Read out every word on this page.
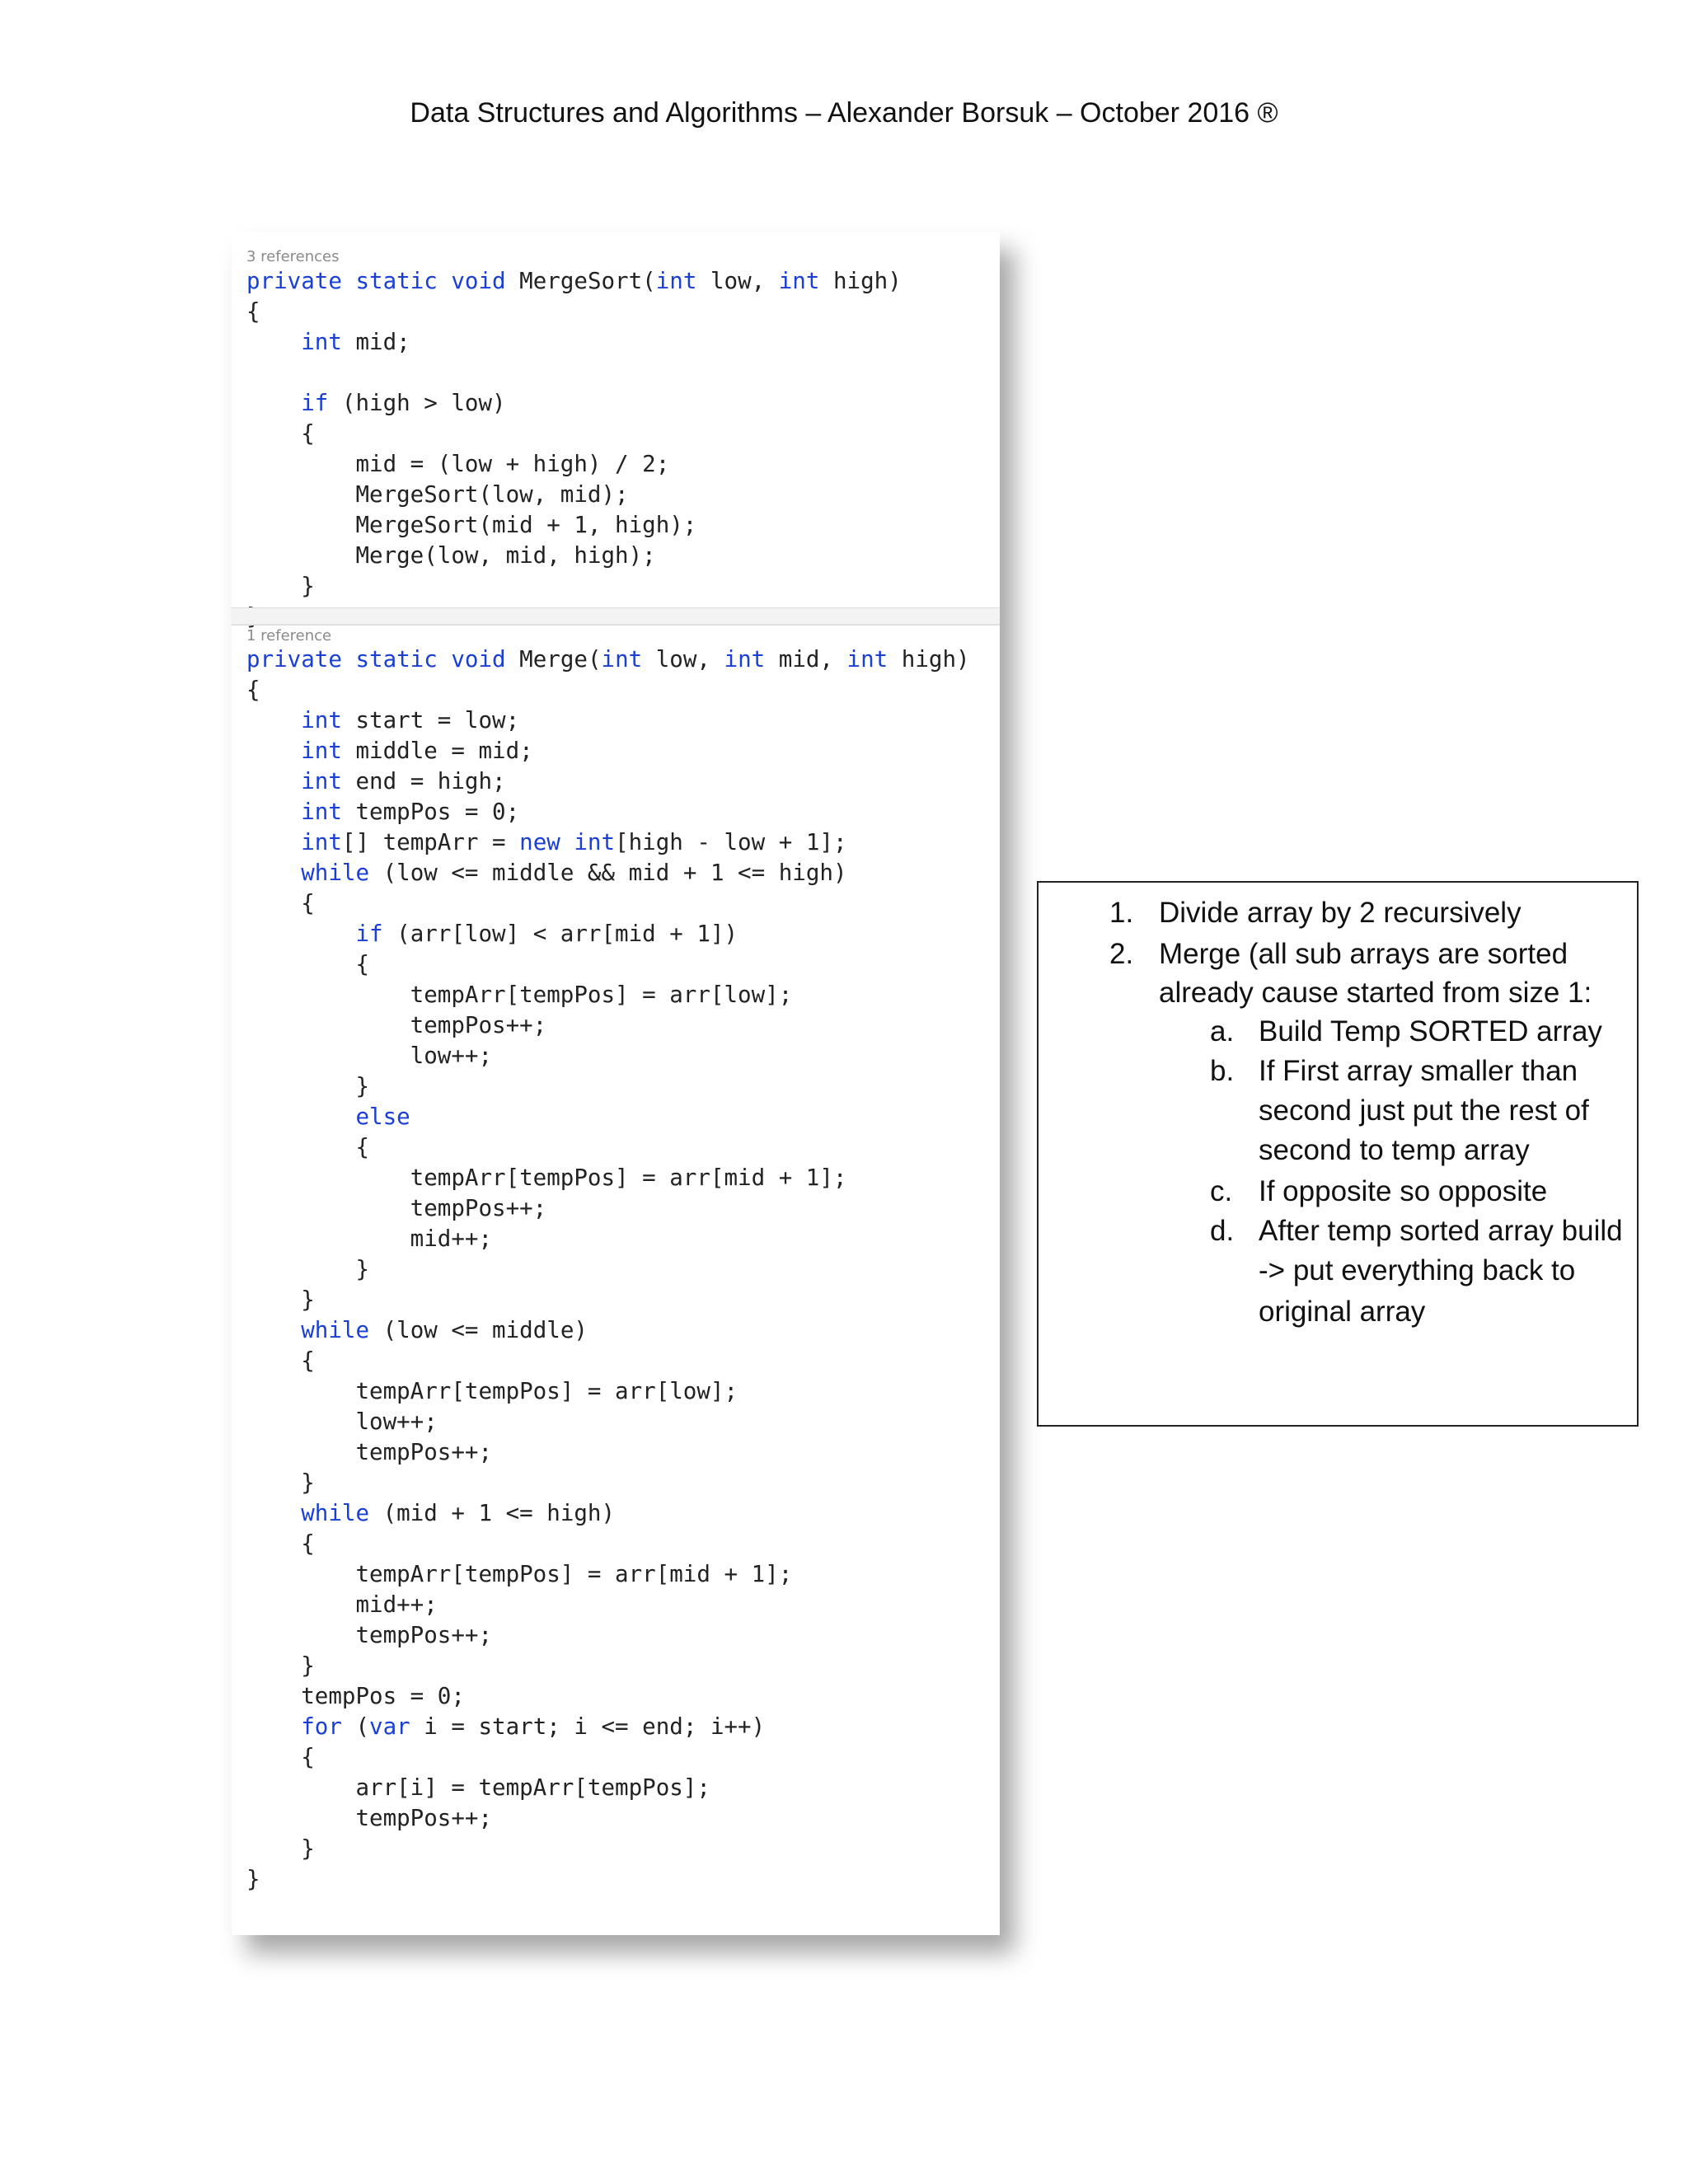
Data Structures and Algorithms – Alexander Borsuk – October 2016 ®
3 references
private static void MergeSort(int low, int high)
{
int mid;

if (high > low)
{
mid = (low + high) / 2;
MergeSort(low, mid);
MergeSort(mid + 1, high);
Merge(low, mid, high);
}

1 reference
private static void Merge(int low, int mid, int high)
{
int start = low;
int middle = mid;
int end = high;
int tempPos = 0;
int[] tempArr = new int[high - low + 1];
while (low <= middle && mid + 1 <= high)
{
if (arr[low] < arr[mid + 1])
{
tempArr[tempPos] = arr[low];
tempPos++;
low++;
}
else
{
tempArr[tempPos] = arr[mid + 1];
tempPos++;
mid++;
}
}
while (low <= middle)
{
tempArr[tempPos] = arr[low];
low++;
tempPos++;
}
while (mid + 1 <= high)
{
tempArr[tempPos] = arr[mid + 1];
mid++;
tempPos++;
}
tempPos = 0;
for (var i = start; i <= end; i++)
{
arr[i] = tempArr[tempPos];
tempPos++;
}
}
1. Divide array by 2 recursively
2. Merge (all sub arrays are sorted
already cause started from size 1:
a. Build Temp SORTED array
b. If First array smaller than
second just put the rest of
second to temp array
c. If opposite so opposite
d. After temp sorted array build
-> put everything back to
original array
